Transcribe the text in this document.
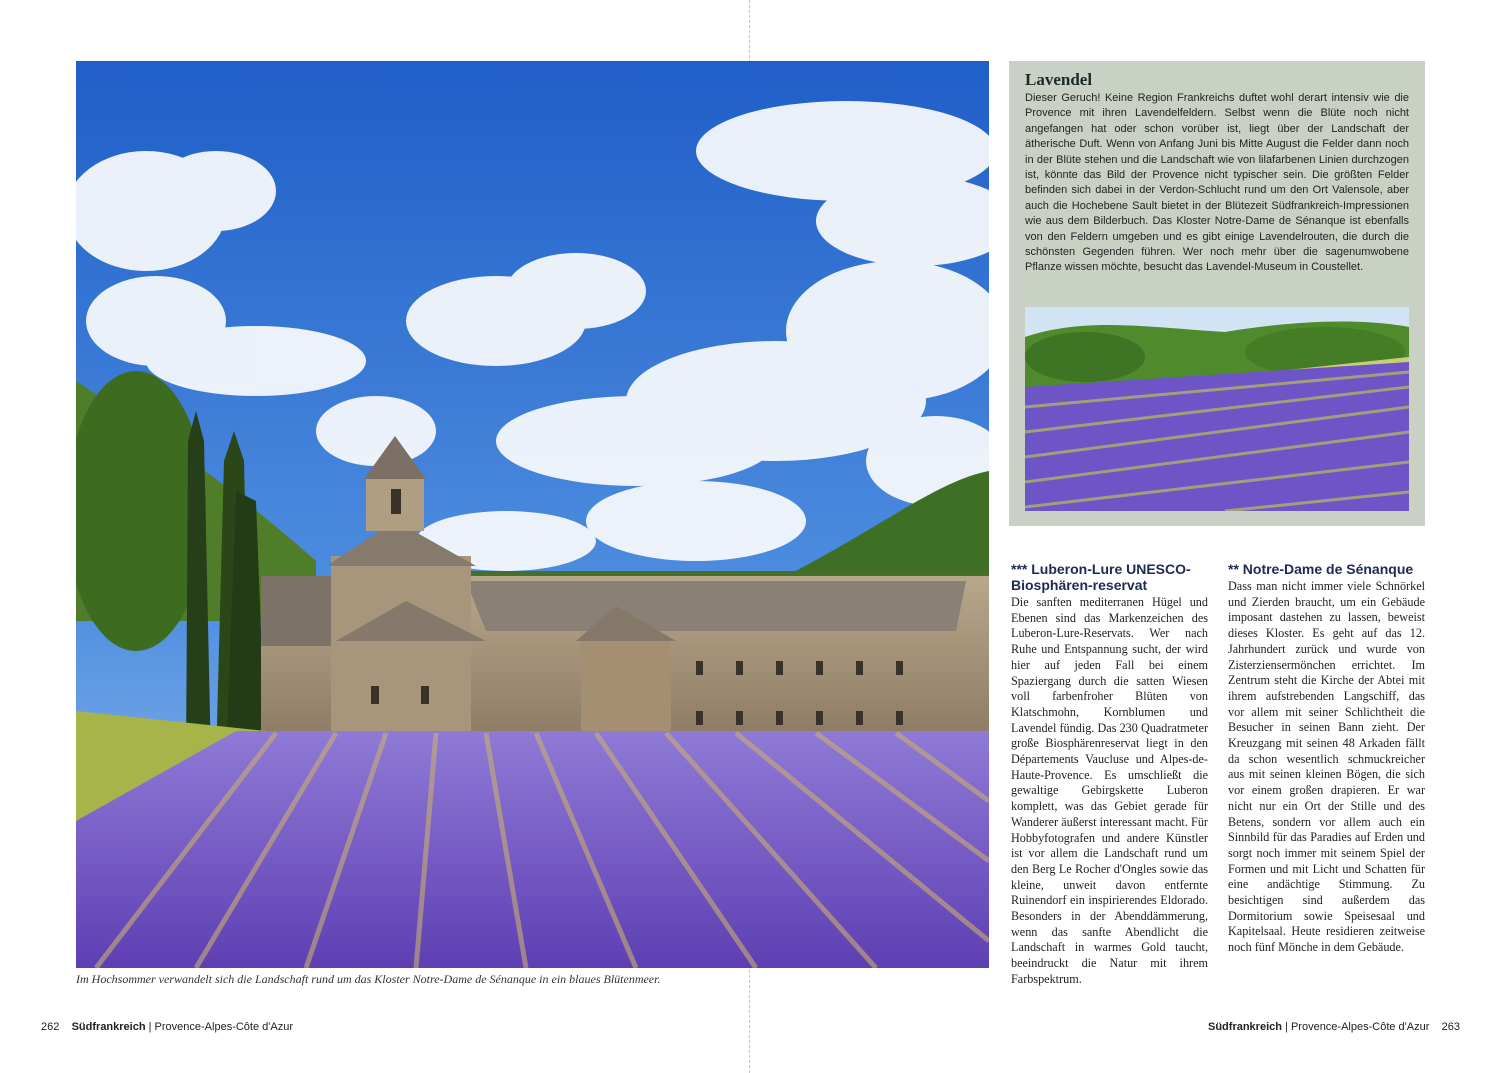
Im Hochsommer verwandelt sich die Landschaft rund um das Kloster Notre-Dame de Sénanque in ein blaues Blütenmeer.
Lavendel
Dieser Geruch! Keine Region Frankreichs duftet wohl derart intensiv wie die Provence mit ihren Lavendelfeldern. Selbst wenn die Blüte noch nicht angefangen hat oder schon vorüber ist, liegt über der Landschaft der ätherische Duft. Wenn von Anfang Juni bis Mitte August die Felder dann noch in der Blüte stehen und die Landschaft wie von lilafarbenen Linien durchzogen ist, könnte das Bild der Provence nicht typischer sein. Die größten Felder befinden sich dabei in der Verdon-Schlucht rund um den Ort Valensole, aber auch die Hochebene Sault bietet in der Blütezeit Südfrankreich-Impressionen wie aus dem Bilderbuch. Das Kloster Notre-Dame de Sénanque ist ebenfalls von den Feldern umgeben und es gibt einige Lavendelrouten, die durch die schönsten Gegenden führen. Wer noch mehr über die sagenumwobene Pflanze wissen möchte, besucht das Lavendel-Museum in Coustellet.
*** Luberon-Lure UNESCO-Biosphären-reservat

Die sanften mediterranen Hügel und Ebenen sind das Markenzeichen des Luberon-Lure-Reservats. Wer nach Ruhe und Entspannung sucht, der wird hier auf jeden Fall bei einem Spaziergang durch die satten Wiesen voll farbenfroher Blüten von Klatschmohn, Kornblumen und Lavendel fündig. Das 230 Quadratmeter große Biosphärenreservat liegt in den Départements Vaucluse und Alpes-de-Haute-Provence. Es umschließt die gewaltige Gebirgskette Luberon komplett, was das Gebiet gerade für Wanderer äußerst interessant macht. Für Hobbyfotografen und andere Künstler ist vor allem die Landschaft rund um den Berg Le Rocher d'Ongles sowie das kleine, unweit davon entfernte Ruinendorf ein inspirierendes Eldorado. Besonders in der Abenddämmerung, wenn das sanfte Abendlicht die Landschaft in warmes Gold taucht, beeindruckt die Natur mit ihrem Farbspektrum.

** Notre-Dame de Sénanque

Dass man nicht immer viele Schnörkel und Zierden braucht, um ein Gebäude imposant dastehen zu lassen, beweist dieses Kloster. Es geht auf das 12. Jahrhundert zurück und wurde von Zisterziensermönchen errichtet. Im Zentrum steht die Kirche der Abtei mit ihrem aufstrebenden Langschiff, das vor allem mit seiner Schlichtheit die Besucher in seinen Bann zieht. Der Kreuzgang mit seinen 48 Arkaden fällt da schon wesentlich schmuckreicher aus mit seinen kleinen Bögen, die sich vor einem großen drapieren. Er war nicht nur ein Ort der Stille und des Betens, sondern vor allem auch ein Sinnbild für das Paradies auf Erden und sorgt noch immer mit seinem Spiel der Formen und mit Licht und Schatten für eine andächtige Stimmung. Zu besichtigen sind außerdem das Dormitorium sowie Speisesaal und Kapitelsaal. Heute residieren zeitweise noch fünf Mönche in dem Gebäude.

262 Südfrankreich | Provence-Alpes-Côte d'Azur	Südfrankreich | Provence-Alpes-Côte d'Azur 263
